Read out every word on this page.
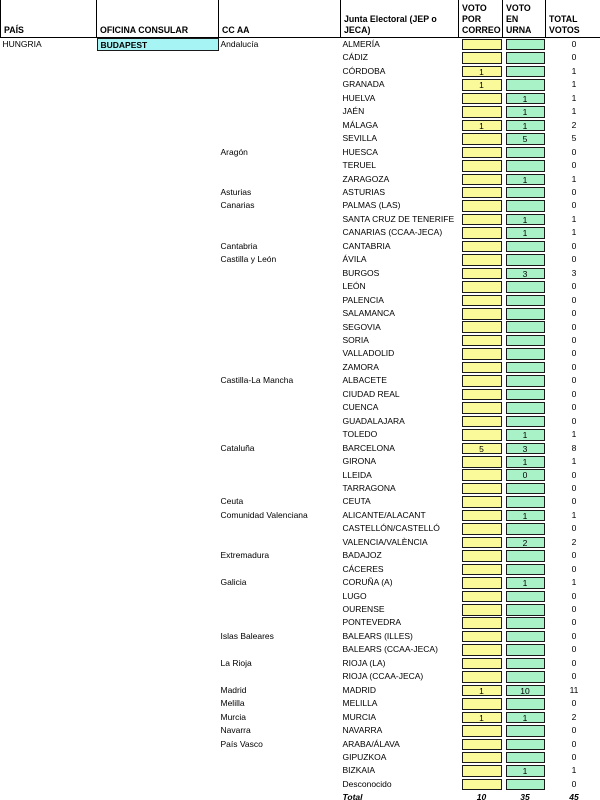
PAÍS	OFICINA CONSULAR	CC AA	Junta Electoral (JEP o JECA)	VOTO POR CORREO	VOTO EN URNA	TOTAL VOTOS
HUNGRIA	BUDAPEST	Andalucía	ALMERÍA			0
			CÁDIZ			0
			CÓRDOBA	1		1
			GRANADA	1		1
			HUELVA		1	1
			JAÉN		1	1
			MÁLAGA	1	1	2
			SEVILLA		5	5
		Aragón	HUESCA			0
			TERUEL			0
			ZARAGOZA		1	1
		Asturias	ASTURIAS			0
		Canarias	PALMAS (LAS)			0
			SANTA CRUZ DE TENERIFE		1	1
			CANARIAS (CCAA-JECA)		1	1
		Cantabria	CANTABRIA			0
		Castilla y León	ÁVILA			0
			BURGOS		3	3
			LEÓN			0
			PALENCIA			0
			SALAMANCA			0
			SEGOVIA			0
			SORIA			0
			VALLADOLID			0
			ZAMORA			0
		Castilla-La Mancha	ALBACETE			0
			CIUDAD REAL			0
			CUENCA			0
			GUADALAJARA			0
			TOLEDO		1	1
		Cataluña	BARCELONA	5	3	8
			GIRONA		1	1
			LLEIDA		0	0
			TARRAGONA			0
		Ceuta	CEUTA			0
		Comunidad Valenciana	ALICANTE/ALACANT		1	1
			CASTELLÓN/CASTELLÓ			0
			VALENCIA/VALÈNCIA		2	2
		Extremadura	BADAJOZ			0
			CÁCERES			0
		Galicia	CORUÑA (A)		1	1
			LUGO			0
			OURENSE			0
			PONTEVEDRA			0
		Islas Baleares	BALEARS (ILLES)			0
			BALEARS (CCAA-JECA)			0
		La Rioja	RIOJA (LA)			0
			RIOJA (CCAA-JECA)			0
		Madrid	MADRID	1	10	11
		Melilla	MELILLA			0
		Murcia	MURCIA	1	1	2
		Navarra	NAVARRA			0
		País Vasco	ARABA/ÁLAVA			0
			GIPUZKOA			0
			BIZKAIA		1	1
			Desconocido			0
			Total	10	35	45
